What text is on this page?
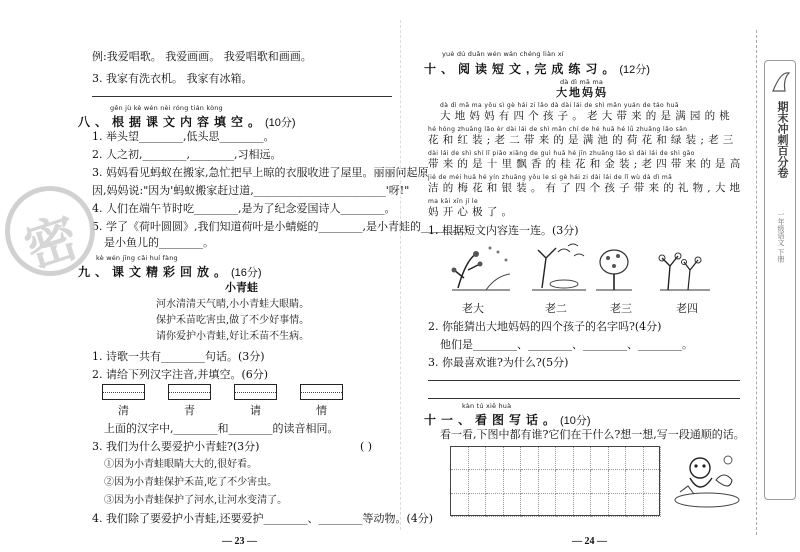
例:我爱唱歌。 我爱画画。 我爱唱歌和画画。
3. 我家有洗衣机。 我家有冰箱。
gēn jù kè wén nèi róng tián kòng
八、根据课文内容填空。(10分)
1. 举头望________,低头思________。
2. 人之初,________,________,习相远。
3. 妈妈看见蚂蚁在搬家,急忙把早上晾的衣服收进了屋里。丽丽问起原
因,妈妈说:"因为'蚂蚁搬家赶过道,________________________'呀!"
4. 人们在端午节时吃________,是为了纪念爱国诗人________。
5. 学了《荷叶圆圆》,我们知道荷叶是小蜻蜓的________,是小青蛙的________,
是小鱼儿的________。
密 kè wén jīng cǎi huí fàng
九、课文精彩回放。(16分)
小青蛙
河水清清天气晴,小小青蛙大眼睛。
保护禾苗吃害虫,做了不少好事情。
请你爱护小青蛙,好让禾苗不生病。
1. 诗歌一共有________句话。(3分)
2. 请给下列汉字注音,并填空。(6分)
清	青	请	情
上面的汉字中,________和________的读音相同。
3. 我们为什么要爱护小青蛙?(3分)	( )
①因为小青蛙眼睛大大的,很好看。
②因为小青蛙保护禾苗,吃了不少害虫。
③因为小青蛙保护了河水,让河水变清了。
4. 我们除了要爱护小青蛙,还要爱护________、________等动物。(4分)
— 23 —
yuè dú duǎn wén wán chéng liàn xí
十、阅读短文,完成练习。(12分)
dà dì mā ma
大地妈妈
dà dì mā ma yǒu sì gè hái zi lǎo dà dài lái de shì mǎn yuán de táo huā
大地妈妈有四个孩子。老大带来的是满园的桃
hé hóng zhuāng lǎo èr dài lái de shì mǎn chí de hé huā hé lǜ zhuāng lǎo sān
花和红装;老二带来的是满池的荷花和绿装;老三
dài lái de shì shí lǐ piāo xiāng de guì huā hé jīn zhuāng lǎo sì dài lái de shì gāo
带来的是十里飘香的桂花和金装;老四带来的是高
jié de méi huā hé yín zhuāng yǒu le sì gè hái zi dài lái de lǐ wù dà dì mā
洁的梅花和银装。有了四个孩子带来的礼物,大地
ma kāi xīn jí le
妈开心极了。
1. 根据短文内容连一连。(3分)
老大	老二	老三	老四
2. 你能猜出大地妈妈的四个孩子的名字吗?(4分)
他们是________、________、________、________。
3. 你最喜欢谁?为什么?(5分)
kàn tú xiě huà
十一、看图写话。(10分)
看一看,下图中都有谁?它们在干什么?想一想,写一段通顺的话。
— 24 —
期末冲刺百分卷
一年级语文 下册
